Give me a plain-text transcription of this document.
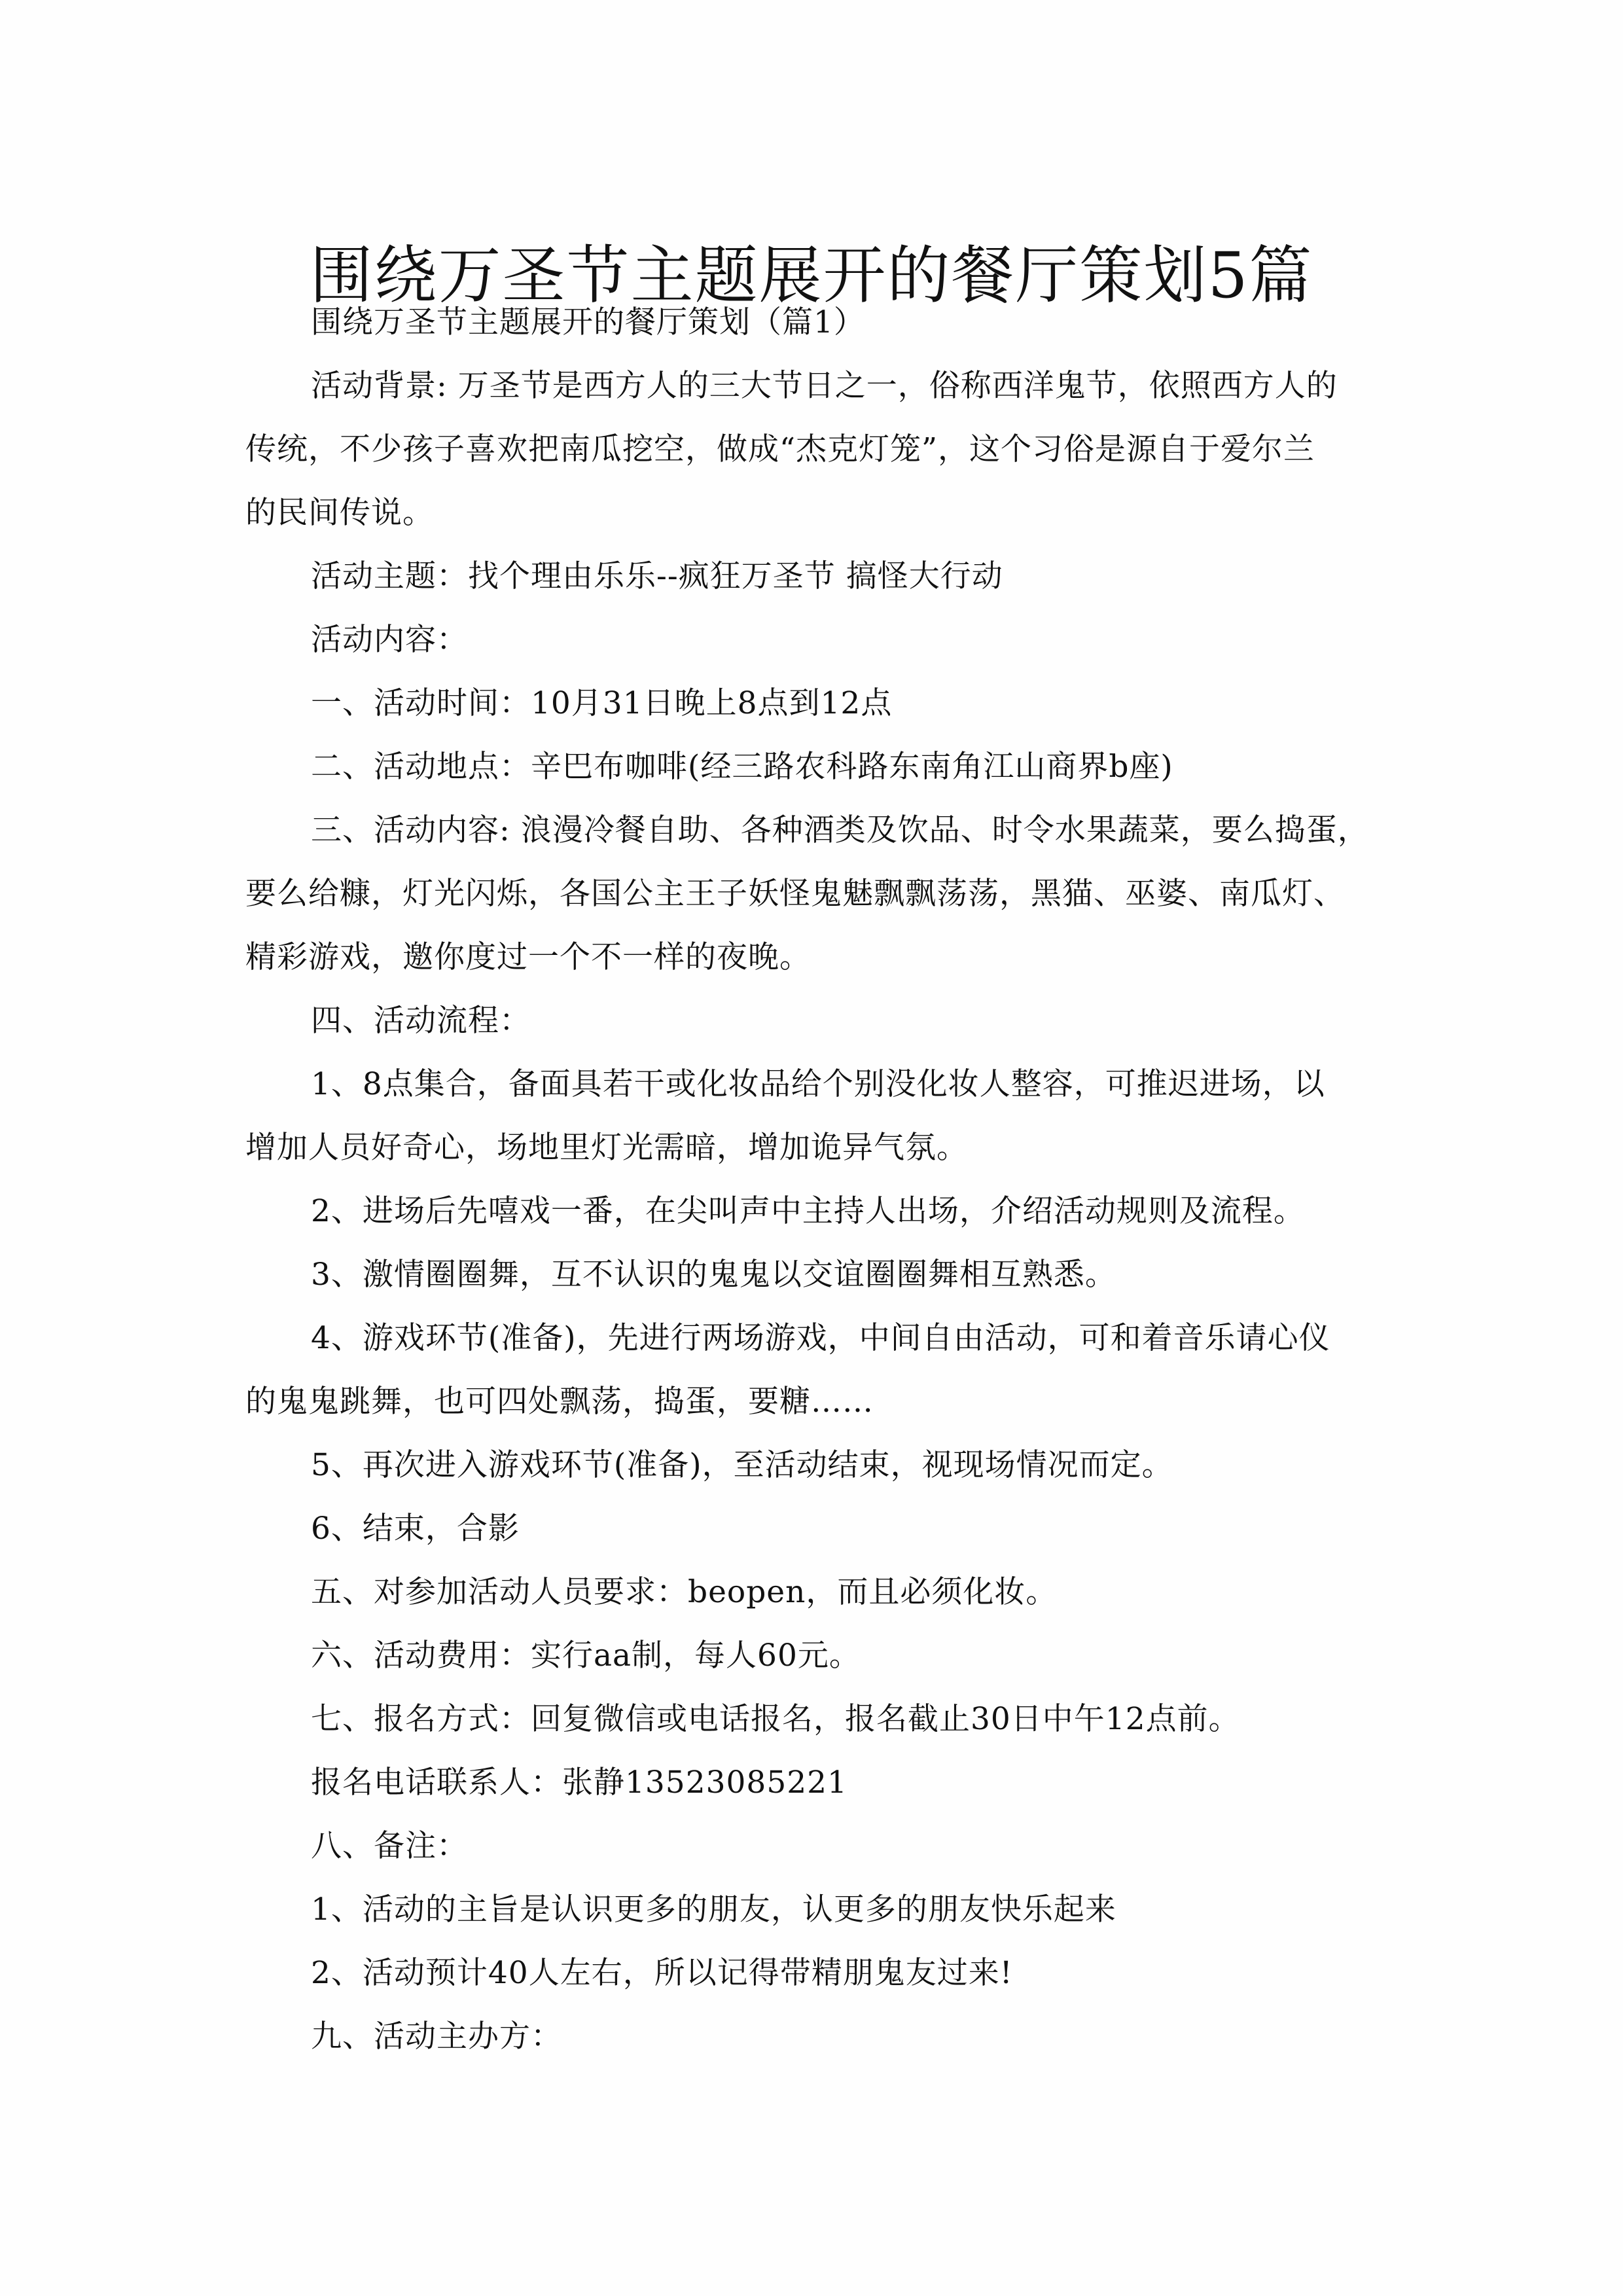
围绕万圣节主题展开的餐厅策划5篇
围绕万圣节主题展开的餐厅策划（篇1）
活动背景: 万圣节是西方人的三大节日之一，俗称西洋鬼节，依照西方人的
传统，不少孩子喜欢把南瓜挖空，做成“杰克灯笼”，这个习俗是源自于爱尔兰
的民间传说。
活动主题：找个理由乐乐--疯狂万圣节 搞怪大行动
活动内容：
一、活动时间：10月31日晚上8点到12点
二、活动地点：辛巴布咖啡(经三路农科路东南角江山商界b座)
三、活动内容: 浪漫冷餐自助、各种酒类及饮品、时令水果蔬菜，要么捣蛋，
要么给糠，灯光闪烁，各国公主王子妖怪鬼魅飘飘荡荡，黑猫、巫婆、南瓜灯、
精彩游戏，邀你度过一个不一样的夜晚。
四、活动流程：
1、8点集合，备面具若干或化妆品给个别没化妆人整容，可推迟进场，以
增加人员好奇心，场地里灯光需暗，增加诡异气氛。
2、进场后先嘻戏一番，在尖叫声中主持人出场，介绍活动规则及流程。
3、激情圈圈舞，互不认识的鬼鬼以交谊圈圈舞相互熟悉。
4、游戏环节(准备)，先进行两场游戏，中间自由活动，可和着音乐请心仪
的鬼鬼跳舞，也可四处飘荡，捣蛋，要糖……
5、再次进入游戏环节(准备)，至活动结束，视现场情况而定。
6、结束，合影
五、对参加活动人员要求：beopen，而且必须化妆。
六、活动费用：实行aa制，每人60元。
七、报名方式：回复微信或电话报名，报名截止30日中午12点前。
报名电话联系人：张静13523085221
八、备注：
1、活动的主旨是认识更多的朋友，认更多的朋友快乐起来
2、活动预计40人左右，所以记得带精朋鬼友过来!
九、活动主办方：
